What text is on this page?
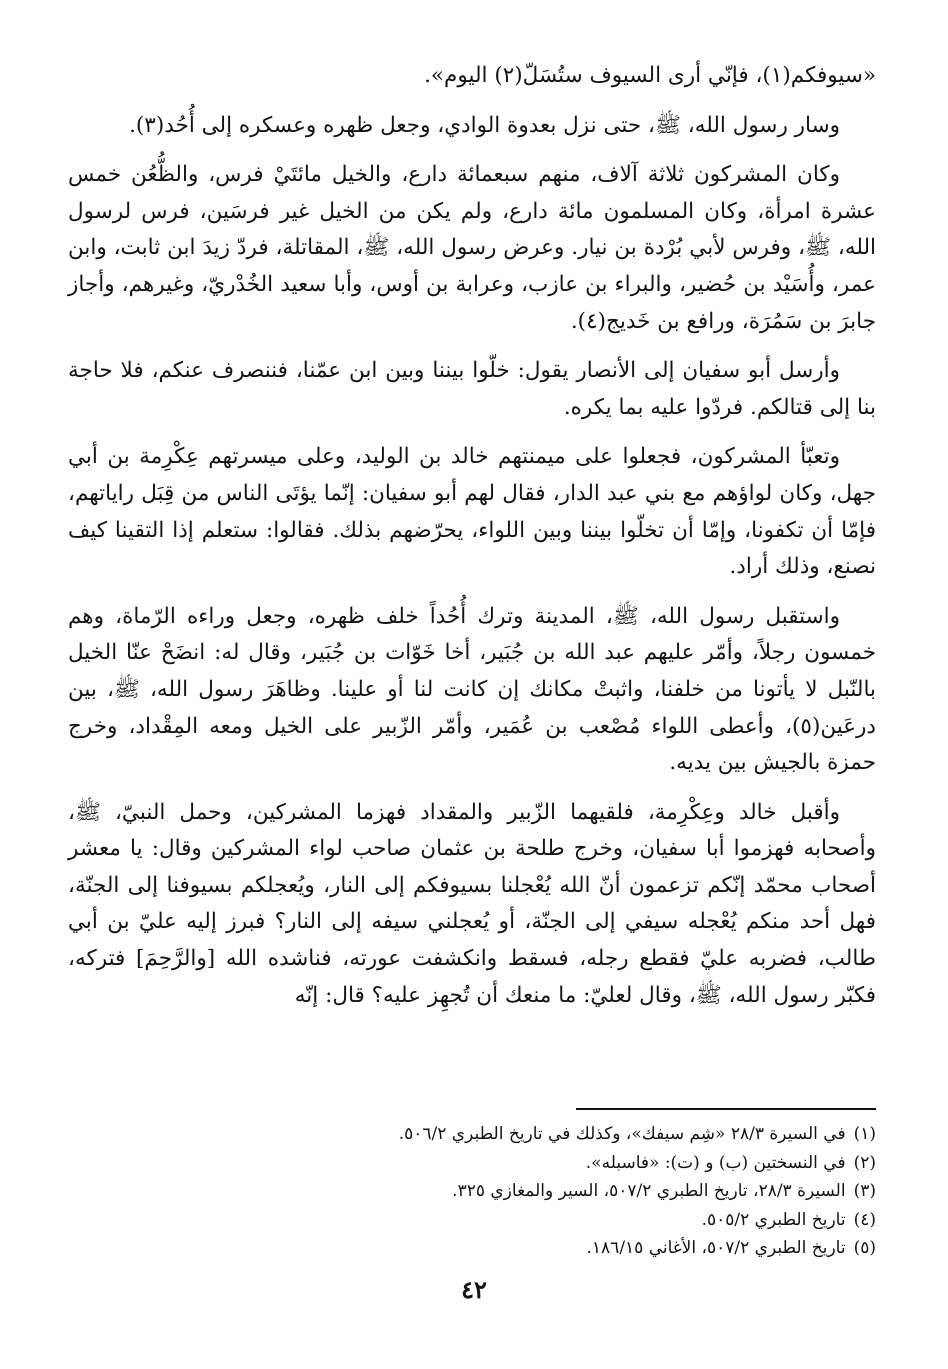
«سيوفكم(١)، فإنّي أرى السيوف ستُسَلّ(٢) اليوم».

وسار رسول الله، ﷺ، حتى نزل بعدوة الوادي، وجعل ظهره وعسكره إلى أُحُد(٣).

وكان المشركون ثلاثة آلاف، منهم سبعمائة دارع، والخيل مائتَيْ فرس، والظُّعُن خمس عشرة امرأة، وكان المسلمون مائة دارع، ولم يكن من الخيل غير فرسَين، فرس لرسول الله، ﷺ، وفرس لأبي بُرْدة بن نيار. وعرض رسول الله، ﷺ، المقاتلة، فردّ زيدَ ابن ثابت، وابن عمر، وأُسَيْد بن حُضير، والبراء بن عازب، وعرابة بن أوس، وأبا سعيد الخُدْريّ، وغيرهم، وأجاز جابرَ بن سَمُرَة، ورافع بن خَديج(٤).

وأرسل أبو سفيان إلى الأنصار يقول: خلّوا بيننا وبين ابن عمّنا، فننصرف عنكم، فلا حاجة بنا إلى قتالكم. فردّوا عليه بما يكره.

وتعبّأ المشركون، فجعلوا على ميمنتهم خالد بن الوليد، وعلى ميسرتهم عِكْرِمة بن أبي جهل، وكان لواؤهم مع بني عبد الدار، فقال لهم أبو سفيان: إنّما يؤتَى الناس من قِبَل راياتهم، فإمّا أن تكفونا، وإمّا أن تخلّوا بيننا وبين اللواء، يحرّضهم بذلك. فقالوا: ستعلم إذا التقينا كيف نصنع، وذلك أراد.

واستقبل رسول الله، ﷺ، المدينة وترك أُحُداً خلف ظهره، وجعل وراءه الرّماة، وهم خمسون رجلاً، وأمّر عليهم عبد الله بن جُبَير، أخا خَوّات بن جُبَير، وقال له: انضَحْ عنّا الخيل بالنّبل لا يأتونا من خلفنا، واثبتْ مكانك إن كانت لنا أو علينا. وظاهَرَ رسول الله، ﷺ، بين درعَين(٥)، وأعطى اللواء مُصْعب بن عُمَير، وأمّر الزّبير على الخيل ومعه المِقْداد، وخرج حمزة بالجيش بين يديه.

وأقبل خالد وعِكْرِمة، فلقيهما الزّبير والمقداد فهزما المشركين، وحمل النبيّ، ﷺ، وأصحابه فهزموا أبا سفيان، وخرج طلحة بن عثمان صاحب لواء المشركين وقال: يا معشر أصحاب محمّد إنّكم تزعمون أنّ الله يُعْجلنا بسيوفكم إلى النار، ويُعجلكم بسيوفنا إلى الجنّة، فهل أحد منكم يُعْجله سيفي إلى الجنّة، أو يُعجلني سيفه إلى النار؟ فبرز إليه عليّ بن أبي طالب، فضربه عليّ فقطع رجله، فسقط وانكشفت عورته، فناشده الله [والرَّحِمَ] فتركه، فكبّر رسول الله، ﷺ، وقال لعليّ: ما منعك أن تُجهِز عليه؟ قال: إنّه

(١)في السيرة ٢٨/٣ «شِم سيفك»، وكذلك في تاريخ الطبري ٥٠٦/٢.

(٢)في النسختين (ب) و (ت): «فاسبله».

(٣)السيرة ٢٨/٣، تاريخ الطبري ٥٠٧/٢، السير والمغازي ٣٢٥.

(٤)تاريخ الطبري ٥٠٥/٢.

(٥)تاريخ الطبري ٥٠٧/٢، الأغاني ١٨٦/١٥.

٤٢
